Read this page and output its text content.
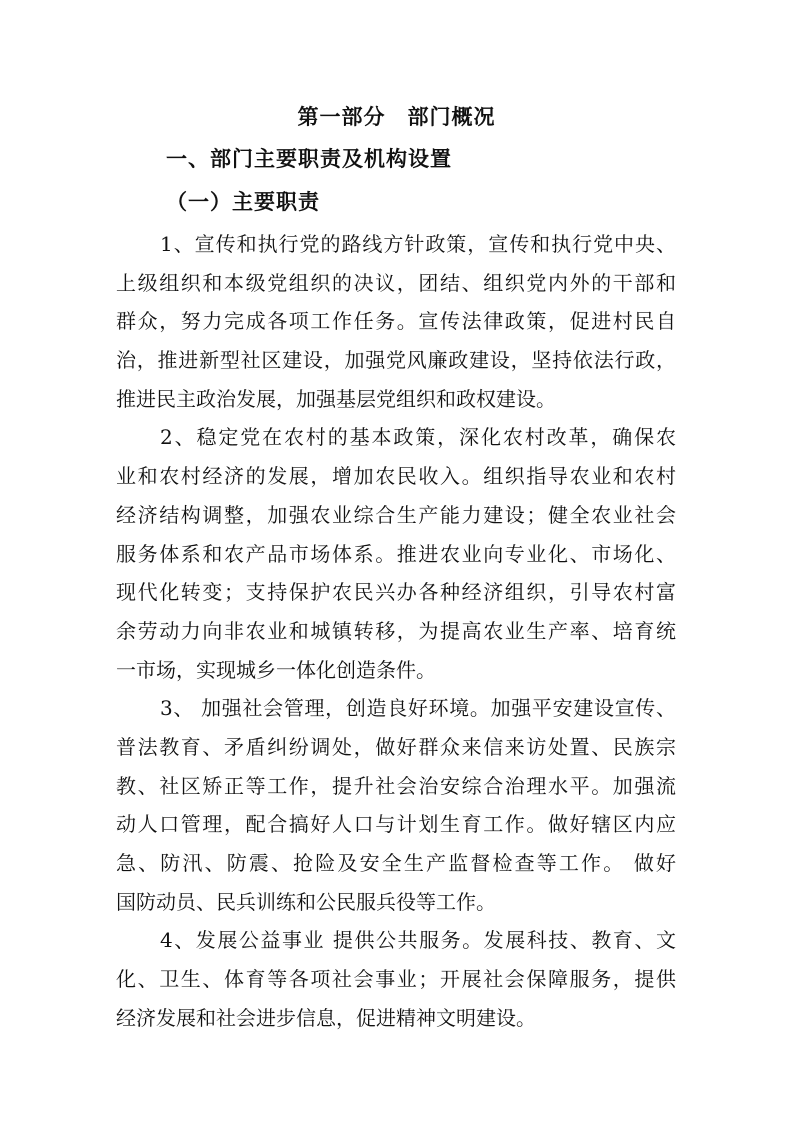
第一部分　部门概况
一、部门主要职责及机构设置
（一）主要职责

1、宣传和执行党的路线方针政策，宣传和执行党中央、
上级组织和本级党组织的决议，团结、组织党内外的干部和
群众，努力完成各项工作任务。宣传法律政策，促进村民自
治，推进新型社区建设，加强党风廉政建设，坚持依法行政，
推进民主政治发展，加强基层党组织和政权建设。

2、稳定党在农村的基本政策，深化农村改革，确保农
业和农村经济的发展，增加农民收入。组织指导农业和农村
经济结构调整，加强农业综合生产能力建设；健全农业社会
服务体系和农产品市场体系。推进农业向专业化、市场化、
现代化转变；支持保护农民兴办各种经济组织，引导农村富
余劳动力向非农业和城镇转移，为提高农业生产率、培育统
一市场，实现城乡一体化创造条件。

3、 加强社会管理，创造良好环境。加强平安建设宣传、
普法教育、矛盾纠纷调处，做好群众来信来访处置、民族宗
教、社区矫正等工作，提升社会治安综合治理水平。加强流
动人口管理，配合搞好人口与计划生育工作。做好辖区内应
急、防汛、防震、抢险及安全生产监督检查等工作。 做好
国防动员、民兵训练和公民服兵役等工作。

4、发展公益事业 提供公共服务。发展科技、教育、文
化、卫生、体育等各项社会事业；开展社会保障服务，提供
经济发展和社会进步信息，促进精神文明建设。
